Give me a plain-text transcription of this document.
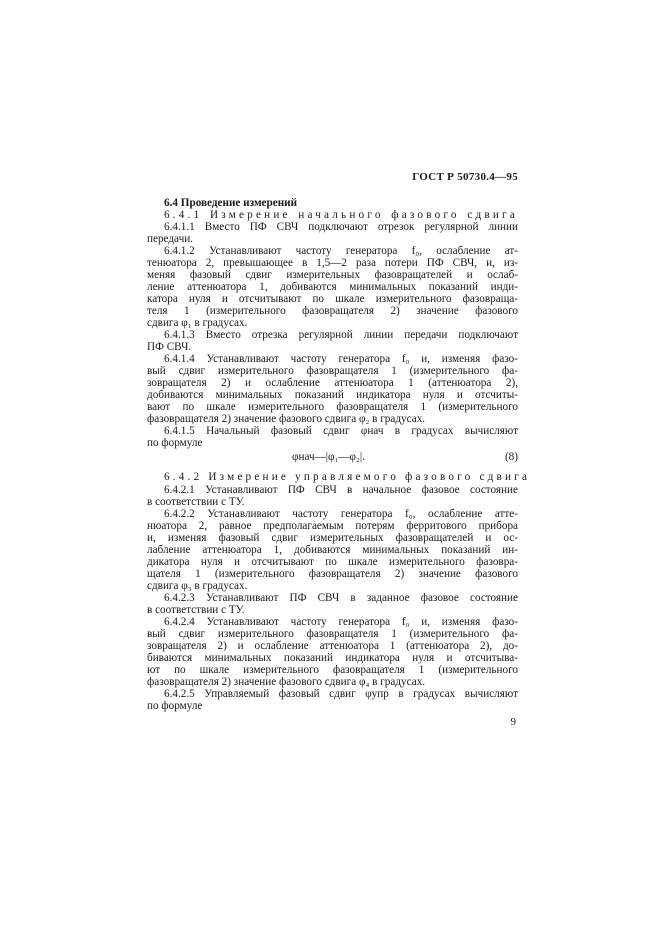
ГОСТ Р 50730.4—95
6.4 Проведение измерений
6.4.1 Измерение начального фазового сдвига
6.4.1.1 Вместо ПФ СВЧ подключают отрезок регулярной линии
передачи.
6.4.1.2 Устанавливают частоту генератора f₀, ослабление ат-
тенюатора 2, превышающее в 1,5—2 раза потери ПФ СВЧ, и, из-
меняя фазовый сдвиг измерительных фазовращателей и ослаб-
ление аттенюатора 1, добиваются минимальных показаний инди-
катора нуля и отсчитывают по шкале измерительного фазовраща-
теля 1 (измерительного фазовращателя 2) значение фазового
сдвига φ₁ в градусах.
6.4.1.3 Вместо отрезка регулярной линии передачи подключают
ПФ СВЧ.
6.4.1.4 Устанавливают частоту генератора f₀ и, изменяя фазо-
вый сдвиг измерительного фазовращателя 1 (измерительного фа-
зовращателя 2) и ослабление аттенюатора 1 (аттенюатора 2),
добиваются минимальных показаний индикатора нуля и отсчиты-
вают по шкале измерительного фазовращателя 1 (измерительного
фазовращателя 2) значение фазового сдвига φ₂ в градусах.
6.4.1.5 Начальный фазовый сдвиг φнач в градусах вычисляют
по формуле
φнач—|φ₁—φ₂|.	(8)
6.4.2 Измерение управляемого фазового сдвига
6.4.2.1 Устанавливают ПФ СВЧ в начальное фазовое состояние
в соответствии с ТУ.
6.4.2.2 Устанавливают частоту генератора f₀, ослабление атте-
нюатора 2, равное предполагаемым потерям ферритового прибора
и, изменяя фазовый сдвиг измерительных фазовращателей и ос-
лабление аттенюатора 1, добиваются минимальных показаний ин-
дикатора нуля и отсчитывают по шкале измерительного фазовра-
щателя 1 (измерительного фазовращателя 2) значение фазового
сдвига φ₃ в градусах.
6.4.2.3 Устанавливают ПФ СВЧ в заданное фазовое состояние
в соответствии с ТУ.
6.4.2.4 Устанавливают частоту генератора f₀ и, изменяя фазо-
вый сдвиг измерительного фазовращателя 1 (измерительного фа-
зовращателя 2) и ослабление аттенюатора 1 (аттенюатора 2), до-
биваются минимальных показаний индикатора нуля и отсчитыва-
ют по шкале измерительного фазовращателя 1 (измерительного
фазовращателя 2) значение фазового сдвига φ₄ в градусах.
6.4.2.5 Управляемый фазовый сдвиг φупр в градусах вычисляют
по формуле
9
